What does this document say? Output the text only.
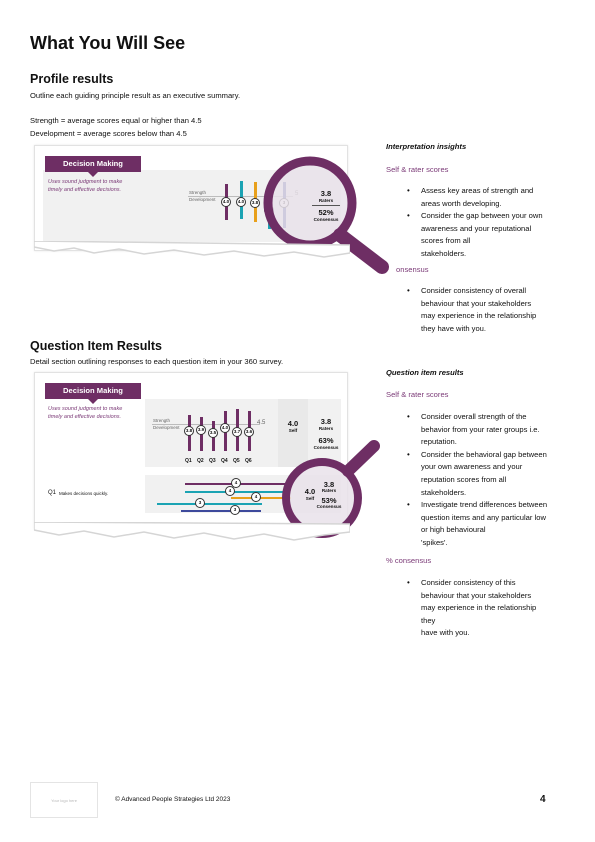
What You Will See
Profile results
Outline each guiding principle result as an executive summary.
Strength = average scores equal or higher than 4.5
Development = average scores below than 4.5
Decision Making
Uses sound judgment to make
timely and effective decisions.	Strength
Development	4.0	4.0	3.8
3.8
Raters
52%
Consensus
Interpretation insights
Self & rater scores
• Assess key areas of strength and
areas worth developing.
• Consider the gap between your own
awareness and your reputational
scores from all
stakeholders.
onsensus
• Consider consistency of overall
behaviour that your stakeholders
may experience in the relationship
they have with you.
Question Item Results
Detail section outlining responses to each question item in your 360 survey.
Decision Making
Uses sound judgment to make
timely and effective decisions.
Strength
Development
4.5
3.8	3.9
3.5
4.0
3.7	3.6
Q1 Q2 Q3 Q4 Q5 Q6
4.0
Self
3.8
Raters
63%
Consensus
Q1 Makes decisions quickly.
4
4
4
3
3
4.0
Self
3.8
Raters
53%
Consensus
Question item results
Self & rater scores
• Consider overall strength of the
behavior from your rater groups i.e.
reputation.
• Consider the behavioral gap between
your own awareness and your
reputation scores from all
stakeholders.
• Investigate trend differences between
question items and any particular low
or high behavioural
'spikes'.
% consensus
• Consider consistency of this
behaviour that your stakeholders
may experience in the relationship
they
have with you.
Your logo here	© Advanced People Strategies Ltd 2023	4
